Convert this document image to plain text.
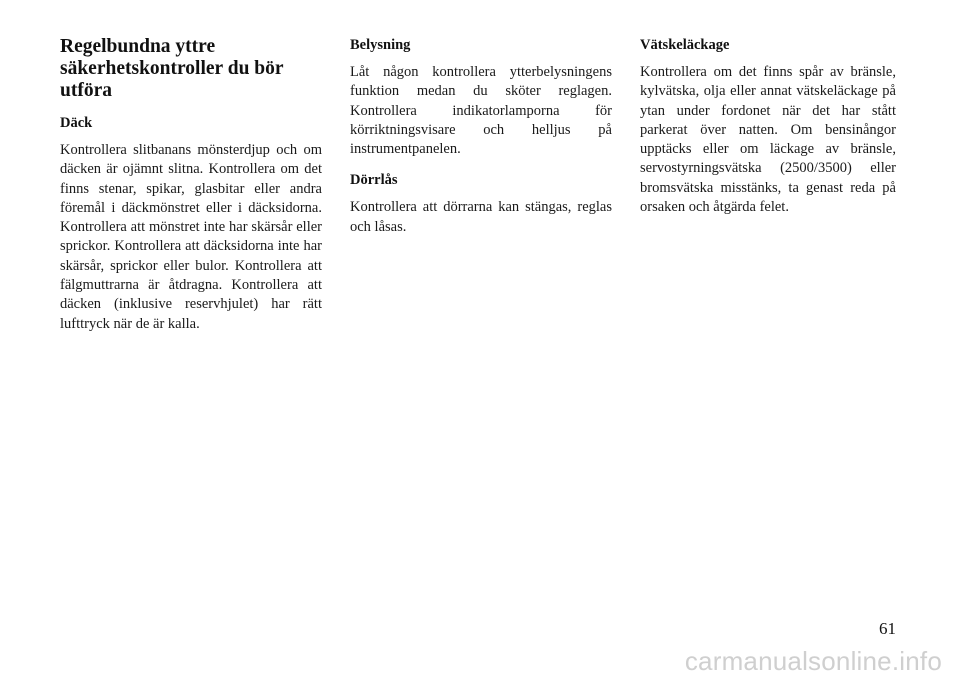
Regelbundna yttre säkerhetskontroller du bör utföra
Däck

Kontrollera slitbanans mönsterdjup och om däcken är ojämnt slitna. Kontrollera om det finns stenar, spikar, glasbitar eller andra föremål i däckmönstret eller i däcksidorna. Kontrollera att mönstret inte har skärsår eller sprickor. Kontrollera att däcksidorna inte har skärsår, sprickor eller bulor. Kontrollera att fälgmuttrarna är åtdragna. Kontrollera att däcken (inklusive reservhjulet) har rätt lufttryck när de är kalla.

Belysning

Låt någon kontrollera ytterbelysningens funktion medan du sköter reglagen. Kontrollera indikatorlamporna för körriktningsvisare och helljus på instrumentpanelen.

Dörrlås

Kontrollera att dörrarna kan stängas, reglas och låsas.

Vätskeläckage

Kontrollera om det finns spår av bränsle, kylvätska, olja eller annat vätskeläckage på ytan under fordonet när det har stått parkerat över natten. Om bensinångor upptäcks eller om läckage av bränsle, servostyrningsvätska (2500/3500) eller bromsvätska misstänks, ta genast reda på orsaken och åtgärda felet.

61
carmanualsonline.info
